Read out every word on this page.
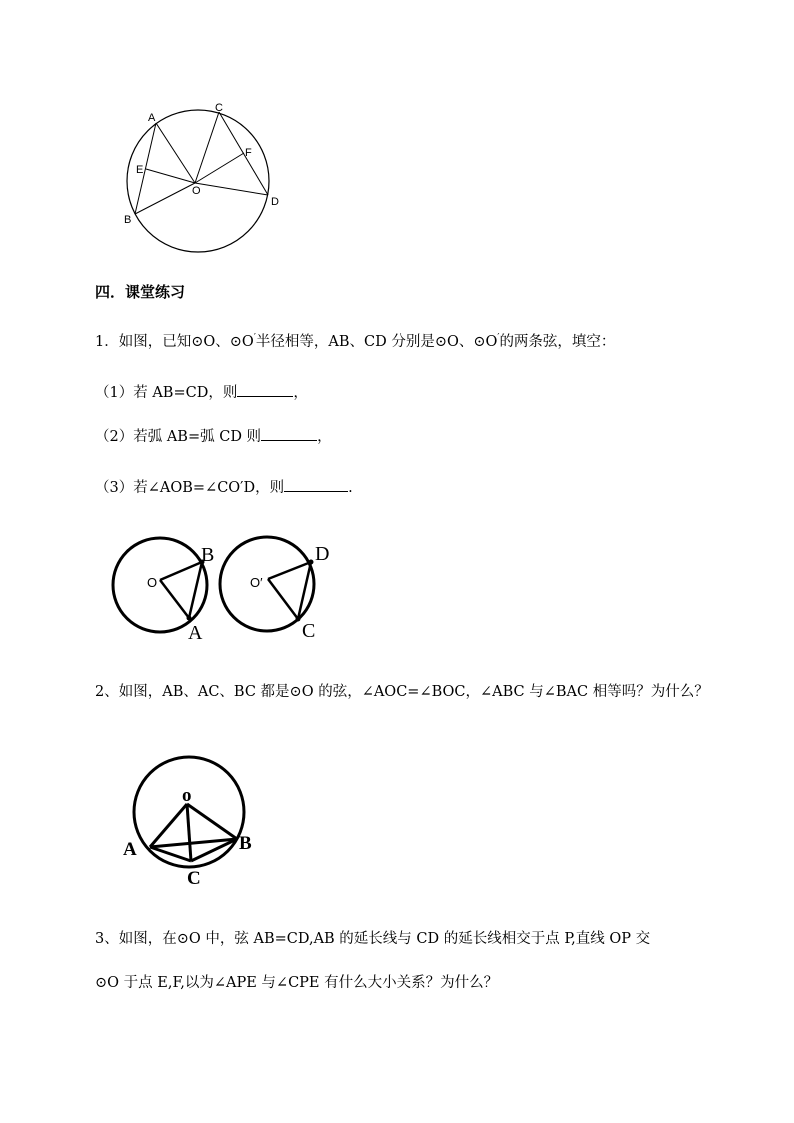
A
B
C
D
E
F
O
四．课堂练习
1．如图，已知⊙O、⊙O′半径相等，AB、CD 分别是⊙O、⊙O′的两条弦，填空：
（1）若 AB=CD，则	，
（2）若弧 AB=弧 CD 则	，
（3）若∠AOB=∠CO′D，则	.
O
A
B
O′
C
D
2、如图，AB、AC、BC 都是⊙O 的弦，∠AOC=∠BOC，∠ABC 与∠BAC 相等吗？为什么？
o
A	B
C
3、如图，在⊙O 中，弦 AB=CD,AB 的延长线与 CD 的延长线相交于点 P,直线 OP 交
⊙O 于点 E,F,以为∠APE 与∠CPE 有什么大小关系？为什么？
